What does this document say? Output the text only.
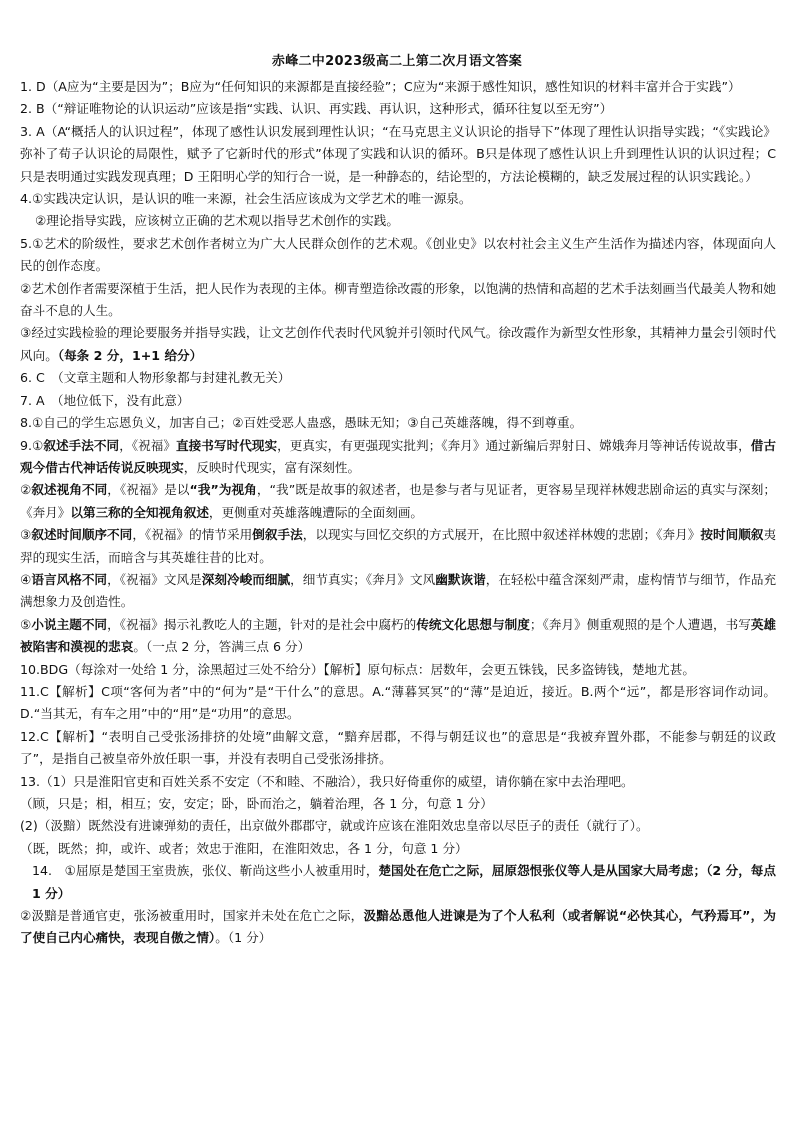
赤峰二中2023级高二上第二次月语文答案

1. D（A应为“主要是因为”；B应为“任何知识的来源都是直接经验”；C应为“来源于感性知识，感性知识的材料丰富并合于实践”）

2. B（“辩证唯物论的认识运动”应该是指“实践、认识、再实践、再认识，这种形式，循环往复以至无穷”）

3. A（A“概括人的认识过程”，体现了感性认识发展到理性认识；“在马克思主义认识论的指导下”体现了理性认识指导实践；“《实践论》弥补了荀子认识论的局限性，赋予了它新时代的形式”体现了实践和认识的循环。B只是体现了感性认识上升到理性认识的认识过程；C 只是表明通过实践发现真理；D 王阳明心学的知行合一说，是一种静态的，结论型的，方法论模糊的，缺乏发展过程的认识实践论。）

4.①实践决定认识，是认识的唯一来源，社会生活应该成为文学艺术的唯一源泉。

②理论指导实践，应该树立正确的艺术观以指导艺术创作的实践。

5.①艺术的阶级性，要求艺术创作者树立为广大人民群众创作的艺术观。《创业史》以农村社会主义生产生活作为描述内容，体现面向人民的创作态度。

②艺术创作者需要深植于生活，把人民作为表现的主体。柳青塑造徐改霞的形象，以饱满的热情和高超的艺术手法刻画当代最美人物和她奋斗不息的人生。

③经过实践检验的理论要服务并指导实践，让文艺创作代表时代风貌并引领时代风气。徐改霞作为新型女性形象，其精神力量会引领时代风向。（每条 2 分，1+1 给分）

6. C　（文章主题和人物形象都与封建礼教无关）

7. A　（地位低下，没有此意）

8.①自己的学生忘恩负义，加害自己；②百姓受恶人蛊惑，愚昧无知；③自己英雄落魄，得不到尊重。

9.①叙述手法不同，《祝福》直接书写时代现实，更真实，有更强现实批判；《奔月》通过新编后羿射日、嫦娥奔月等神话传说故事，借古观今借古代神话传说反映现实，反映时代现实，富有深刻性。

②叙述视角不同，《祝福》是以“我”为视角，“我”既是故事的叙述者，也是参与者与见证者，更容易呈现祥林嫂悲剧命运的真实与深刻；《奔月》以第三称的全知视角叙述，更侧重对英雄落魄遭际的全面刻画。

③叙述时间顺序不同，《祝福》的情节采用倒叙手法，以现实与回忆交织的方式展开，在比照中叙述祥林嫂的悲剧；《奔月》按时间顺叙夷羿的现实生活，而暗含与其英雄往昔的比对。

④语言风格不同，《祝福》文风是深刻冷峻而细腻，细节真实；《奔月》文风幽默诙谐，在轻松中蕴含深刻严肃，虚构情节与细节，作品充满想象力及创造性。

⑤小说主题不同，《祝福》揭示礼教吃人的主题，针对的是社会中腐朽的传统文化思想与制度；《奔月》侧重观照的是个人遭遇，书写英雄被陷害和漠视的悲哀。（一点 2 分，答满三点 6 分）

10.BDG（每涂对一处给 1 分，涂黑超过三处不给分）【解析】原句标点：居数年，会更五铢钱，民多盗铸钱，楚地尤甚。

11.C【解析】C项“客何为者”中的“何为”是“干什么”的意思。A.“薄暮冥冥”的“薄”是迫近，接近。B.两个“远”，都是形容词作动词。D.“当其无，有车之用”中的“用”是“功用”的意思。

12.C【解析】“表明自己受张汤排挤的处境”曲解文意，“黯弃居郡，不得与朝廷议也”的意思是“我被弃置外郡，不能参与朝廷的议政了”，是指自己被皇帝外放任职一事，并没有表明自己受张汤排挤。

13.（1）只是淮阳官吏和百姓关系不安定（不和睦、不融洽），我只好倚重你的威望，请你躺在家中去治理吧。

（顾，只是；相，相互；安，安定；卧，卧而治之，躺着治理，各 1 分，句意 1 分）

(2)（汲黯）既然没有进谏弹劾的责任，出京做外郡郡守，就或许应该在淮阳效忠皇帝以尽臣子的责任（就行了）。

（既，既然；抑，或许、或者；效忠于淮阳，在淮阳效忠，各 1 分，句意 1 分）

14.　①屈原是楚国王室贵族，张仪、靳尚这些小人被重用时，楚国处在危亡之际，屈原怨恨张仪等人是从国家大局考虑；（2 分，每点 1 分）

②汲黯是普通官吏，张汤被重用时，国家并未处在危亡之际，汲黯怂恿他人进谏是为了个人私利（或者解说“必快其心，气矜焉耳”，为了使自己内心痛快，表现自傲之情）。（1 分）
